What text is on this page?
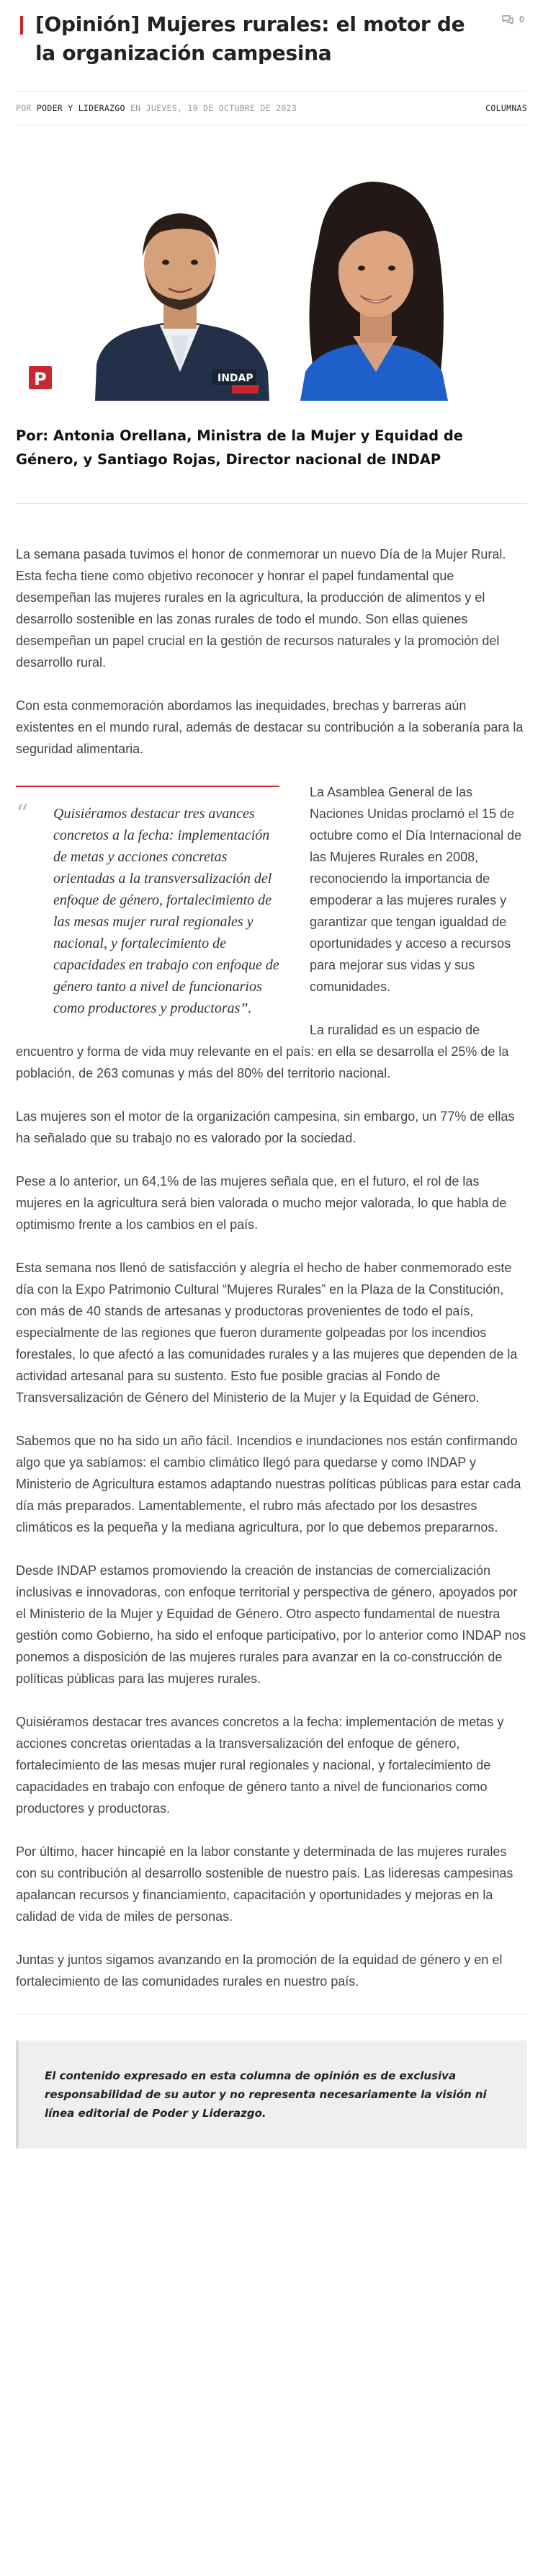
[Opinión] Mujeres rurales: el motor de la organización campesina
0
POR PODER Y LIDERAZGO EN JUEVES, 19 DE OCTUBRE DE 2023	COLUMNAS
INDAP
P
Por: Antonia Orellana, Ministra de la Mujer y Equidad de Género, y Santiago Rojas, Director nacional de INDAP

La semana pasada tuvimos el honor de conmemorar un nuevo Día de la Mujer Rural. Esta fecha tiene como objetivo reconocer y honrar el papel fundamental que desempeñan las mujeres rurales en la agricultura, la producción de alimentos y el desarrollo sostenible en las zonas rurales de todo el mundo. Son ellas quienes desempeñan un papel crucial en la gestión de recursos naturales y la promoción del desarrollo rural.

Con esta conmemoración abordamos las inequidades, brechas y barreras aún existentes en el mundo rural, además de destacar su contribución a la soberanía para la seguridad alimentaria.

“	Quisiéramos destacar tres avances concretos a la fecha: implementación de metas y acciones concretas orientadas a la transversalización del enfoque de género, fortalecimiento de las mesas mujer rural regionales y nacional, y fortalecimiento de capacidades en trabajo con enfoque de género tanto a nivel de funcionarios como productores y productoras”.

La Asamblea General de las Naciones Unidas proclamó el 15 de octubre como el Día Internacional de las Mujeres Rurales en 2008, reconociendo la importancia de empoderar a las mujeres rurales y garantizar que tengan igualdad de oportunidades y acceso a recursos para mejorar sus vidas y sus comunidades.

La ruralidad es un espacio de encuentro y forma de vida muy relevante en el país: en ella se desarrolla el 25% de la población, de 263 comunas y más del 80% del territorio nacional.

Las mujeres son el motor de la organización campesina, sin embargo, un 77% de ellas ha señalado que su trabajo no es valorado por la sociedad.

Pese a lo anterior, un 64,1% de las mujeres señala que, en el futuro, el rol de las mujeres en la agricultura será bien valorada o mucho mejor valorada, lo que habla de optimismo frente a los cambios en el país.

Esta semana nos llenó de satisfacción y alegría el hecho de haber conmemorado este día con la Expo Patrimonio Cultural “Mujeres Rurales” en la Plaza de la Constitución, con más de 40 stands de artesanas y productoras provenientes de todo el país, especialmente de las regiones que fueron duramente golpeadas por los incendios forestales, lo que afectó a las comunidades rurales y a las mujeres que dependen de la actividad artesanal para su sustento. Esto fue posible gracias al Fondo de Transversalización de Género del Ministerio de la Mujer y la Equidad de Género.

Sabemos que no ha sido un año fácil. Incendios e inundaciones nos están confirmando algo que ya sabíamos: el cambio climático llegó para quedarse y como INDAP y Ministerio de Agricultura estamos adaptando nuestras políticas públicas para estar cada día más preparados. Lamentablemente, el rubro más afectado por los desastres climáticos es la pequeña y la mediana agricultura, por lo que debemos prepararnos.

Desde INDAP estamos promoviendo la creación de instancias de comercialización inclusivas e innovadoras, con enfoque territorial y perspectiva de género, apoyados por el Ministerio de la Mujer y Equidad de Género. Otro aspecto fundamental de nuestra gestión como Gobierno, ha sido el enfoque participativo, por lo anterior como INDAP nos ponemos a disposición de las mujeres rurales para avanzar en la co-construcción de políticas públicas para las mujeres rurales.

Quisiéramos destacar tres avances concretos a la fecha: implementación de metas y acciones concretas orientadas a la transversalización del enfoque de género, fortalecimiento de las mesas mujer rural regionales y nacional, y fortalecimiento de capacidades en trabajo con enfoque de género tanto a nivel de funcionarios como productores y productoras.

Por último, hacer hincapié en la labor constante y determinada de las mujeres rurales con su contribución al desarrollo sostenible de nuestro país. Las lideresas campesinas apalancan recursos y financiamiento, capacitación y oportunidades y mejoras en la calidad de vida de miles de personas.

Juntas y juntos sigamos avanzando en la promoción de la equidad de género y en el fortalecimiento de las comunidades rurales en nuestro país.

El contenido expresado en esta columna de opinión es de exclusiva responsabilidad de su autor y no representa necesariamente la visión ni línea editorial de Poder y Liderazgo.
